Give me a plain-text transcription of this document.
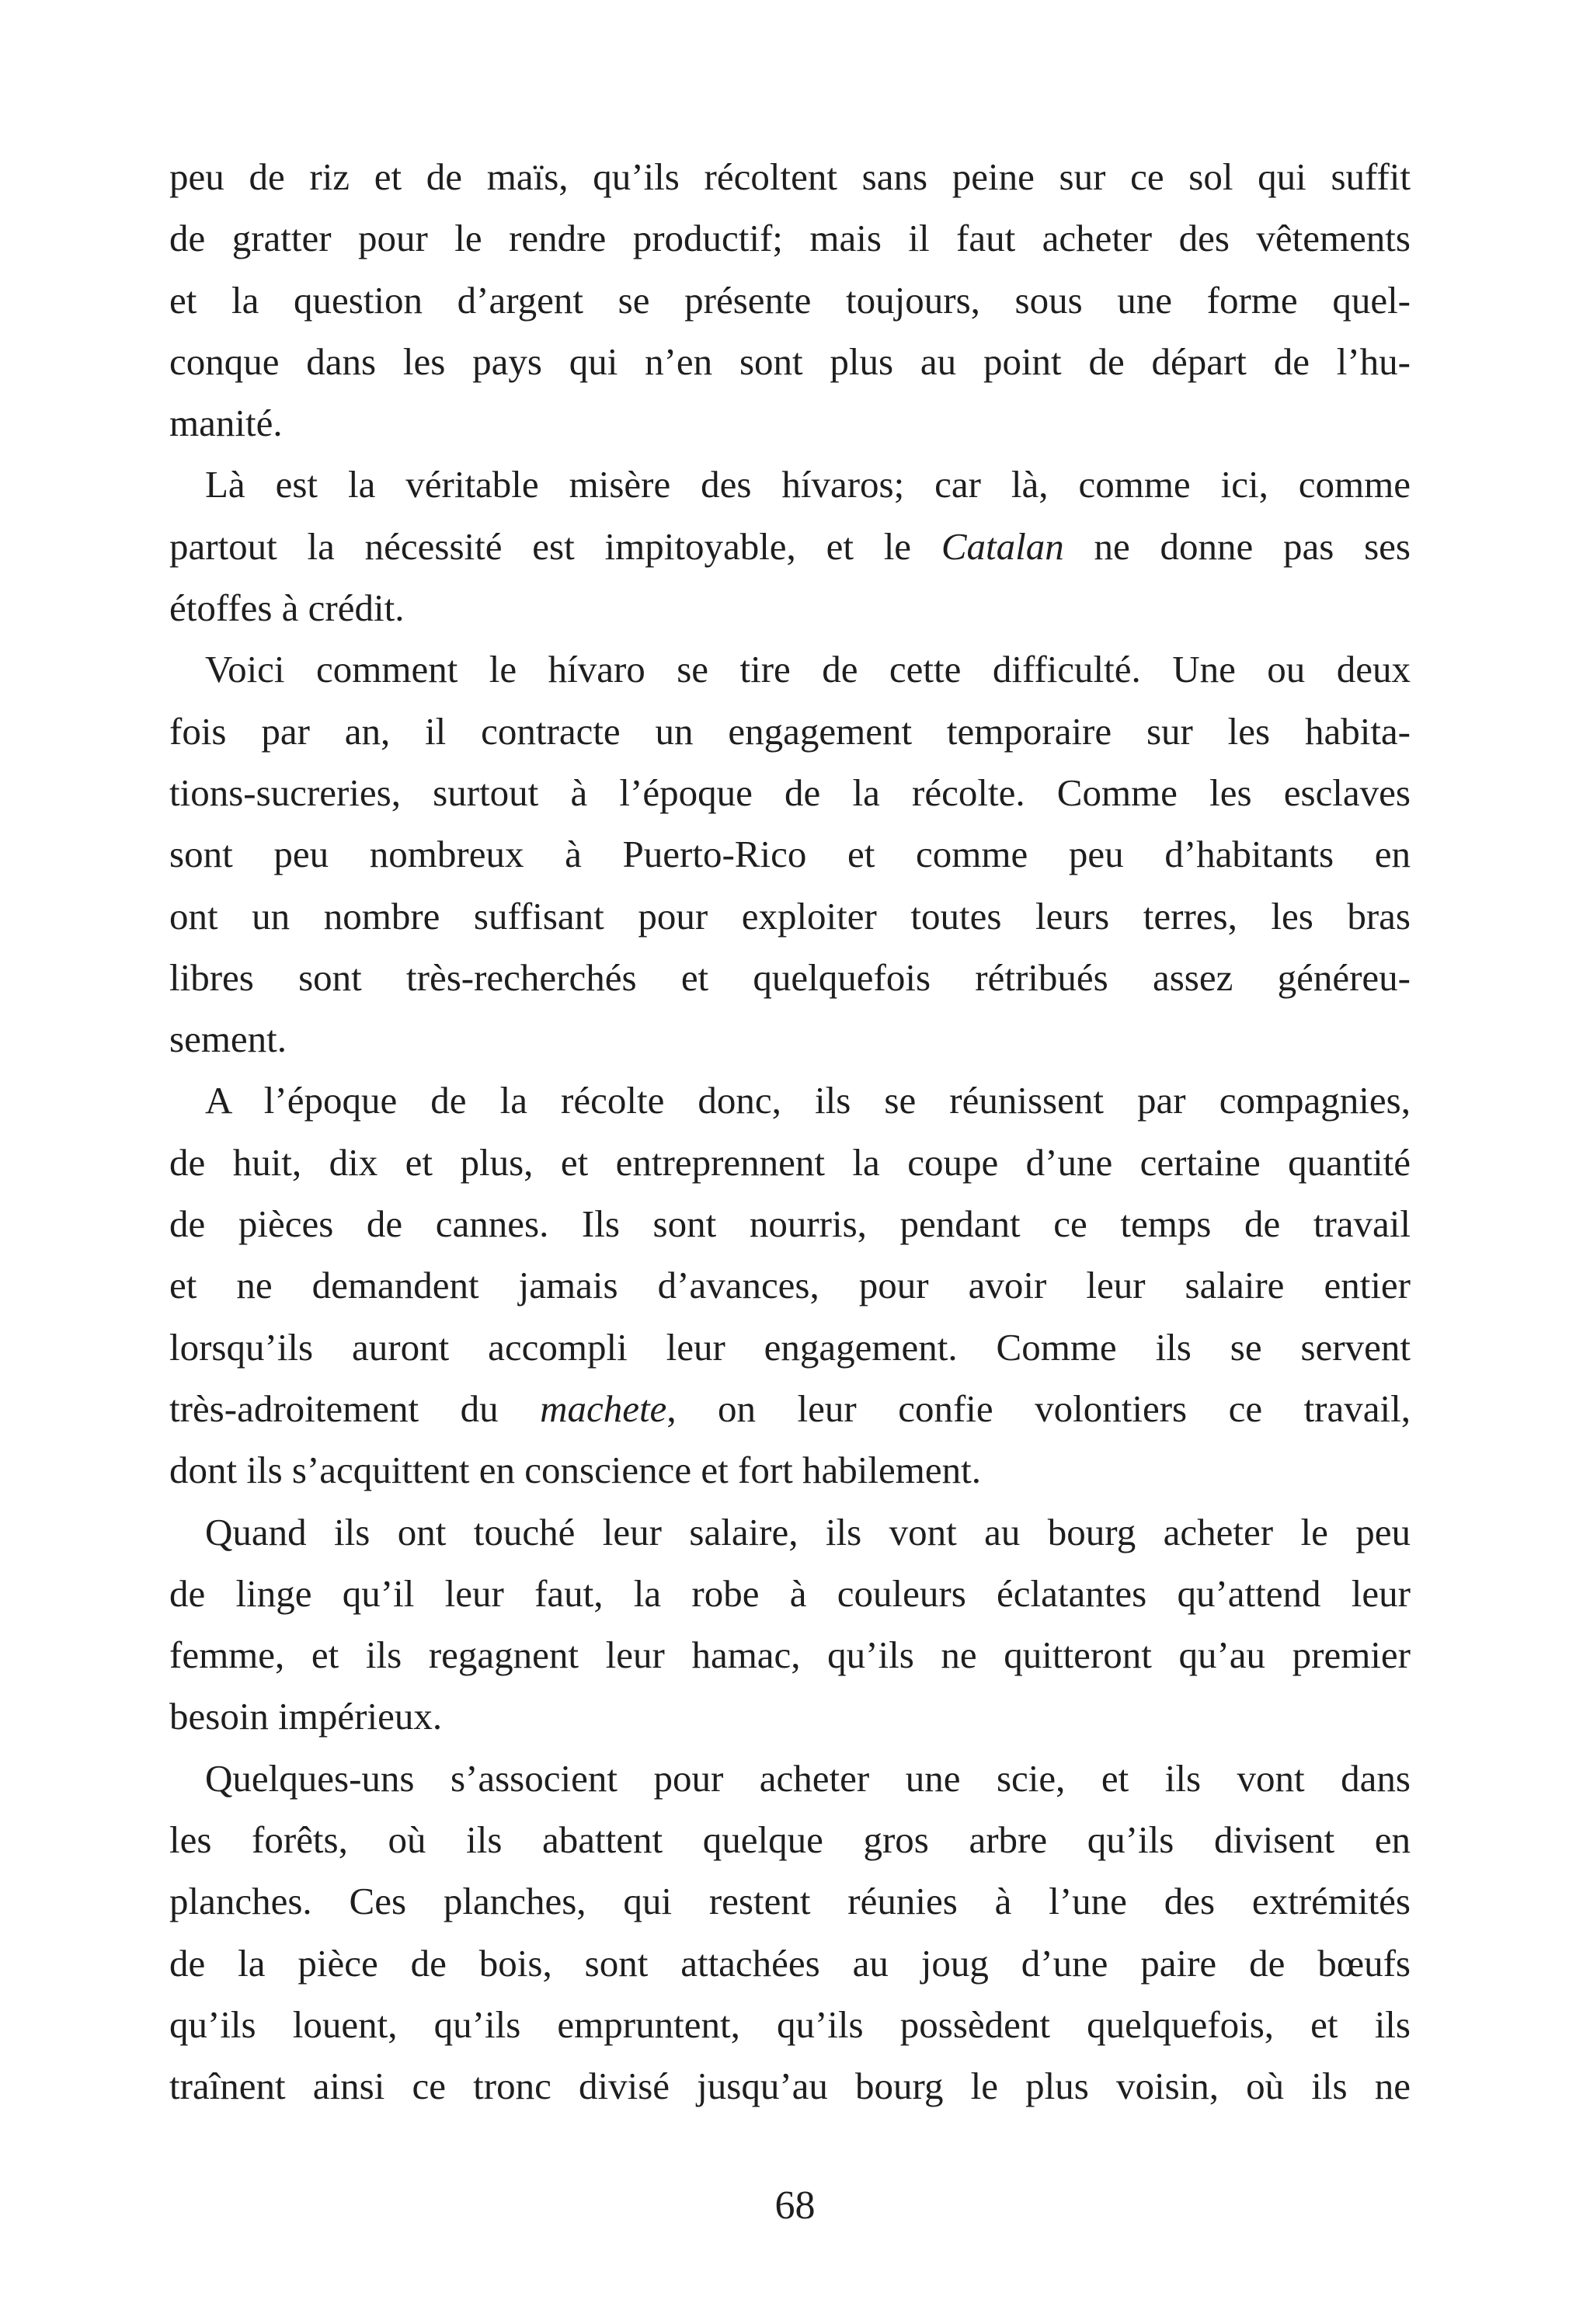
peu de riz et de maïs, qu’ils récoltent sans peine sur ce sol qui suffit
de gratter pour le rendre productif; mais il faut acheter des vêtements
et la question d’argent se présente toujours, sous une forme quel-
conque dans les pays qui n’en sont plus au point de départ de l’hu-
manité.
Là est la véritable misère des hívaros; car là, comme ici, comme
partout la nécessité est impitoyable, et le Catalan ne donne pas ses
étoffes à crédit.
Voici comment le hívaro se tire de cette difficulté. Une ou deux
fois par an, il contracte un engagement temporaire sur les habita-
tions-sucreries, surtout à l’époque de la récolte. Comme les esclaves
sont peu nombreux à Puerto-Rico et comme peu d’habitants en
ont un nombre suffisant pour exploiter toutes leurs terres, les bras
libres sont très-recherchés et quelquefois rétribués assez généreu-
sement.
A l’époque de la récolte donc, ils se réunissent par compagnies,
de huit, dix et plus, et entreprennent la coupe d’une certaine quantité
de pièces de cannes. Ils sont nourris, pendant ce temps de travail
et ne demandent jamais d’avances, pour avoir leur salaire entier
lorsqu’ils auront accompli leur engagement. Comme ils se servent
très-adroitement du machete, on leur confie volontiers ce travail,
dont ils s’acquittent en conscience et fort habilement.
Quand ils ont touché leur salaire, ils vont au bourg acheter le peu
de linge qu’il leur faut, la robe à couleurs éclatantes qu’attend leur
femme, et ils regagnent leur hamac, qu’ils ne quitteront qu’au premier
besoin impérieux.
Quelques-uns s’associent pour acheter une scie, et ils vont dans
les forêts, où ils abattent quelque gros arbre qu’ils divisent en
planches. Ces planches, qui restent réunies à l’une des extrémités
de la pièce de bois, sont attachées au joug d’une paire de bœufs
qu’ils louent, qu’ils empruntent, qu’ils possèdent quelquefois, et ils
traînent ainsi ce tronc divisé jusqu’au bourg le plus voisin, où ils ne
68
